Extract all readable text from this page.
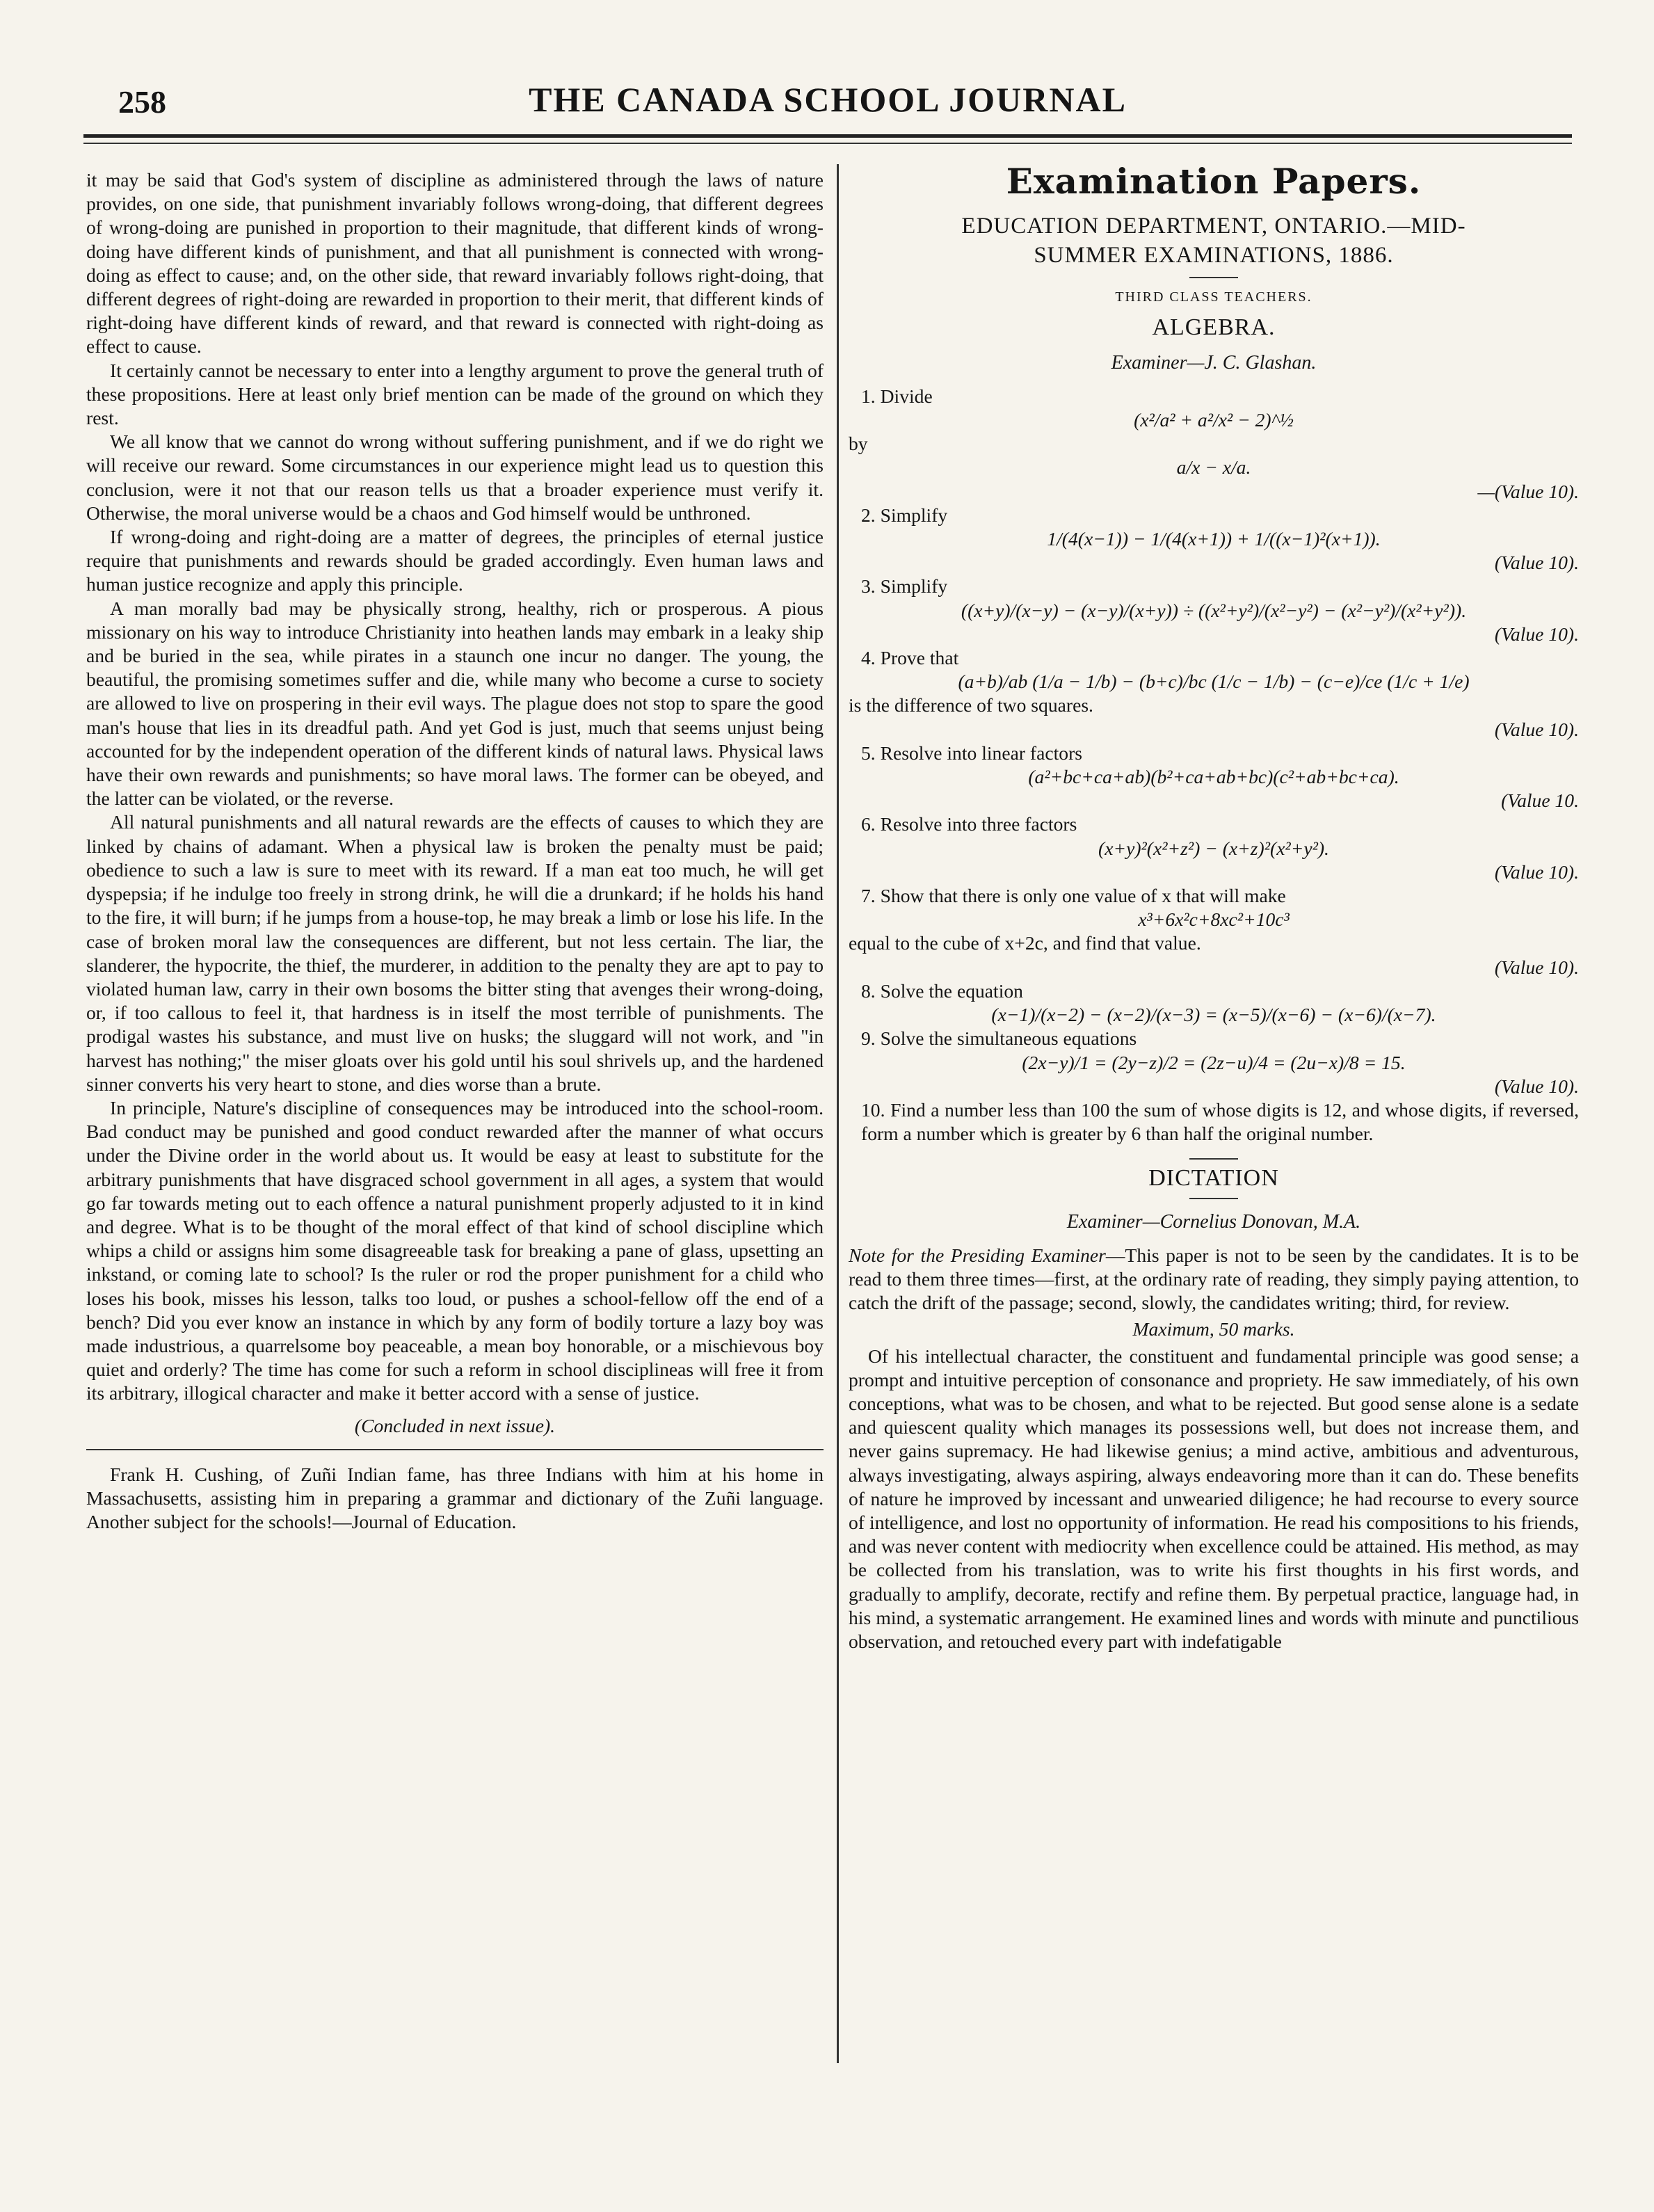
258	THE CANADA SCHOOL JOURNAL

it may be said that God's system of discipline as administered through the laws of nature provides, on one side, that punishment invariably follows wrong-doing, that different degrees of wrong-doing are punished in proportion to their magnitude, that different kinds of wrong-doing have different kinds of punishment, and that all punishment is connected with wrong-doing as effect to cause; and, on the other side, that reward invariably follows right-doing, that different degrees of right-doing are rewarded in proportion to their merit, that different kinds of right-doing have different kinds of reward, and that reward is connected with right-doing as effect to cause.

It certainly cannot be necessary to enter into a lengthy argument to prove the general truth of these propositions. Here at least only brief mention can be made of the ground on which they rest.

We all know that we cannot do wrong without suffering punishment, and if we do right we will receive our reward. Some circumstances in our experience might lead us to question this conclusion, were it not that our reason tells us that a broader experience must verify it. Otherwise, the moral universe would be a chaos and God himself would be unthroned.

If wrong-doing and right-doing are a matter of degrees, the principles of eternal justice require that punishments and rewards should be graded accordingly. Even human laws and human justice recognize and apply this principle.

A man morally bad may be physically strong, healthy, rich or prosperous. A pious missionary on his way to introduce Christianity into heathen lands may embark in a leaky ship and be buried in the sea, while pirates in a staunch one incur no danger. The young, the beautiful, the promising sometimes suffer and die, while many who become a curse to society are allowed to live on prospering in their evil ways. The plague does not stop to spare the good man's house that lies in its dreadful path. And yet God is just, much that seems unjust being accounted for by the independent operation of the different kinds of natural laws. Physical laws have their own rewards and punishments; so have moral laws. The former can be obeyed, and the latter can be violated, or the reverse.

All natural punishments and all natural rewards are the effects of causes to which they are linked by chains of adamant. When a physical law is broken the penalty must be paid; obedience to such a law is sure to meet with its reward. If a man eat too much, he will get dyspepsia; if he indulge too freely in strong drink, he will die a drunkard; if he holds his hand to the fire, it will burn; if he jumps from a house-top, he may break a limb or lose his life. In the case of broken moral law the consequences are different, but not less certain. The liar, the slanderer, the hypocrite, the thief, the murderer, in addition to the penalty they are apt to pay to violated human law, carry in their own bosoms the bitter sting that avenges their wrong-doing, or, if too callous to feel it, that hardness is in itself the most terrible of punishments. The prodigal wastes his substance, and must live on husks; the sluggard will not work, and "in harvest has nothing;" the miser gloats over his gold until his soul shrivels up, and the hardened sinner converts his very heart to stone, and dies worse than a brute.

In principle, Nature's discipline of consequences may be introduced into the school-room. Bad conduct may be punished and good conduct rewarded after the manner of what occurs under the Divine order in the world about us. It would be easy at least to substitute for the arbitrary punishments that have disgraced school government in all ages, a system that would go far towards meting out to each offence a natural punishment properly adjusted to it in kind and degree. What is to be thought of the moral effect of that kind of school discipline which whips a child or assigns him some disagreeable task for breaking a pane of glass, upsetting an inkstand, or coming late to school? Is the ruler or rod the proper punishment for a child who loses his book, misses his lesson, talks too loud, or pushes a school-fellow off the end of a bench? Did you ever know an instance in which by any form of bodily torture a lazy boy was made industrious, a quarrelsome boy peaceable, a mean boy honorable, or a mischievous boy quiet and orderly? The time has come for such a reform in school disciplineas will free it from its arbitrary, illogical character and make it better accord with a sense of justice.

(Concluded in next issue).

Frank H. Cushing, of Zuñi Indian fame, has three Indians with him at his home in Massachusetts, assisting him in preparing a grammar and dictionary of the Zuñi language. Another subject for the schools!—Journal of Education.

Examination Papers.
EDUCATION DEPARTMENT, ONTARIO.—MID-
SUMMER EXAMINATIONS, 1886.
THIRD CLASS TEACHERS.
ALGEBRA.
Examiner—J. C. Glashan.
1. Divide
(x²/a² + a²/x² − 2)^½
by
a/x − x/a.
—(Value 10).
2. Simplify
1/(4(x−1)) − 1/(4(x+1)) + 1/((x−1)²(x+1)).
(Value 10).
3. Simplify
((x+y)/(x−y) − (x−y)/(x+y)) ÷ ((x²+y²)/(x²−y²) − (x²−y²)/(x²+y²)).
(Value 10).
4. Prove that
(a+b)/ab (1/a − 1/b) − (b+c)/bc (1/c − 1/b) − (c−e)/ce (1/c + 1/e)
is the difference of two squares.
(Value 10).
5. Resolve into linear factors
(a²+bc+ca+ab)(b²+ca+ab+bc)(c²+ab+bc+ca).
(Value 10.
6. Resolve into three factors
(x+y)²(x²+z²) − (x+z)²(x²+y²).
(Value 10).
7. Show that there is only one value of x that will make
x³+6x²c+8xc²+10c³
equal to the cube of x+2c, and find that value.
(Value 10).
8. Solve the equation
(x−1)/(x−2) − (x−2)/(x−3) = (x−5)/(x−6) − (x−6)/(x−7).
9. Solve the simultaneous equations
(2x−y)/1 = (2y−z)/2 = (2z−u)/4 = (2u−x)/8 = 15.
(Value 10).
10. Find a number less than 100 the sum of whose digits is 12, and whose digits, if reversed, form a number which is greater by 6 than half the original number.
DICTATION
Examiner—Cornelius Donovan, M.A.

Note for the Presiding Examiner—This paper is not to be seen by the candidates. It is to be read to them three times—first, at the ordinary rate of reading, they simply paying attention, to catch the drift of the passage; second, slowly, the candidates writing; third, for review.

Maximum, 50 marks.

Of his intellectual character, the constituent and fundamental principle was good sense; a prompt and intuitive perception of consonance and propriety. He saw immediately, of his own conceptions, what was to be chosen, and what to be rejected. But good sense alone is a sedate and quiescent quality which manages its possessions well, but does not increase them, and never gains supremacy. He had likewise genius; a mind active, ambitious and adventurous, always investigating, always aspiring, always endeavoring more than it can do. These benefits of nature he improved by incessant and unwearied diligence; he had recourse to every source of intelligence, and lost no opportunity of information. He read his compositions to his friends, and was never content with mediocrity when excellence could be attained. His method, as may be collected from his translation, was to write his first thoughts in his first words, and gradually to amplify, decorate, rectify and refine them. By perpetual practice, language had, in his mind, a systematic arrangement. He examined lines and words with minute and punctilious observation, and retouched every part with indefatigable
